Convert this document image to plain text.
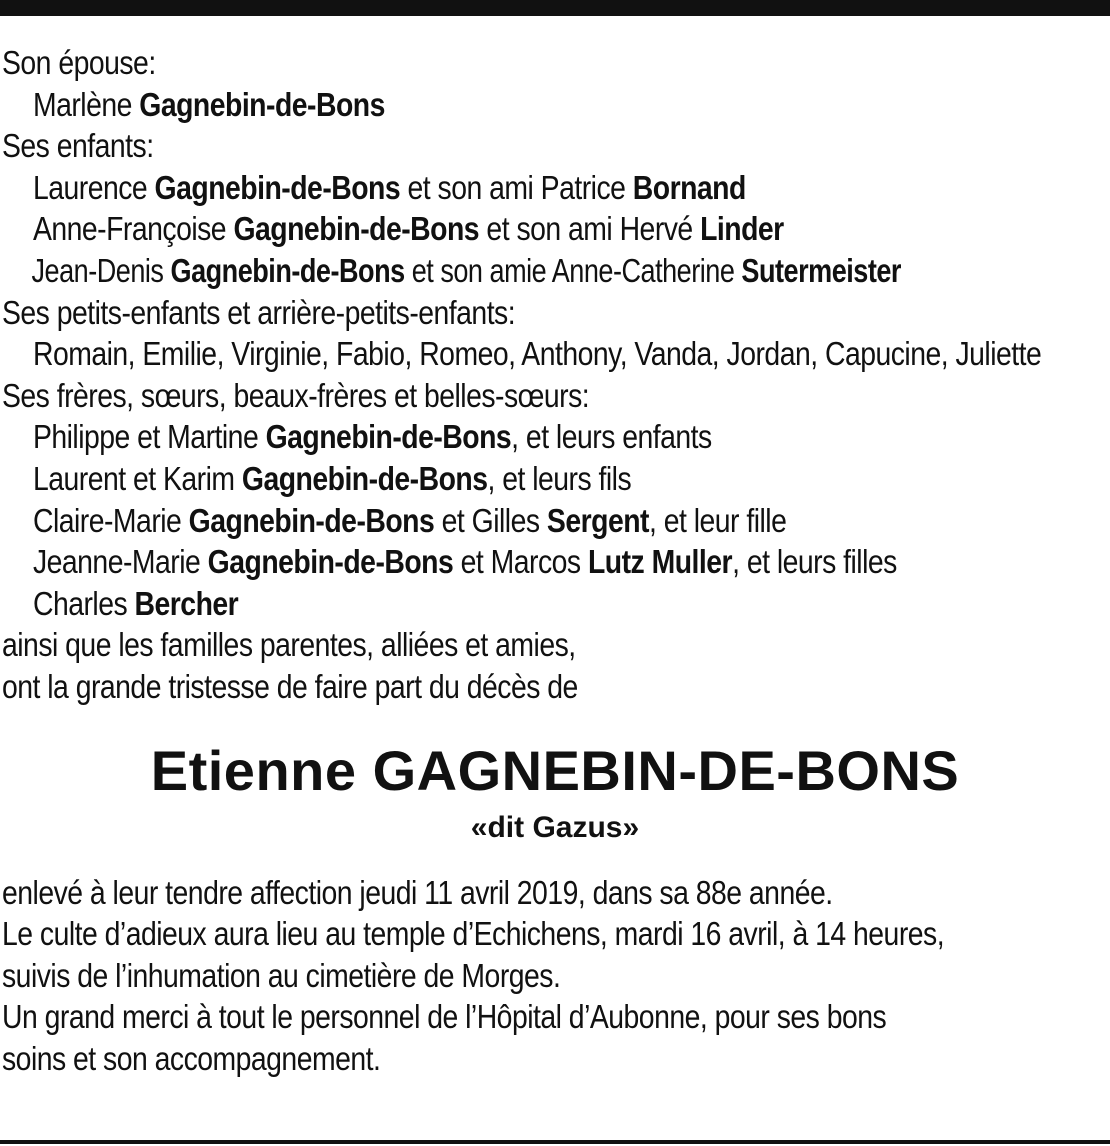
Son épouse:
Marlène Gagnebin-de-Bons
Ses enfants:
Laurence Gagnebin-de-Bons et son ami Patrice Bornand
Anne-Françoise Gagnebin-de-Bons et son ami Hervé Linder
Jean-Denis Gagnebin-de-Bons et son amie Anne-Catherine Sutermeister
Ses petits-enfants et arrière-petits-enfants:
Romain, Emilie, Virginie, Fabio, Romeo, Anthony, Vanda, Jordan, Capucine, Juliette
Ses frères, sœurs, beaux-frères et belles-sœurs:
Philippe et Martine Gagnebin-de-Bons, et leurs enfants
Laurent et Karim Gagnebin-de-Bons, et leurs fils
Claire-Marie Gagnebin-de-Bons et Gilles Sergent, et leur fille
Jeanne-Marie Gagnebin-de-Bons et Marcos Lutz Muller, et leurs filles
Charles Bercher
ainsi que les familles parentes, alliées et amies,
ont la grande tristesse de faire part du décès de
Etienne GAGNEBIN-DE-BONS
«dit Gazus»
enlevé à leur tendre affection jeudi 11 avril 2019, dans sa 88e année.
Le culte d’adieux aura lieu au temple d’Echichens, mardi 16 avril, à 14 heures,
suivis de l’inhumation au cimetière de Morges.
Un grand merci à tout le personnel de l’Hôpital d’Aubonne, pour ses bons
soins et son accompagnement.
